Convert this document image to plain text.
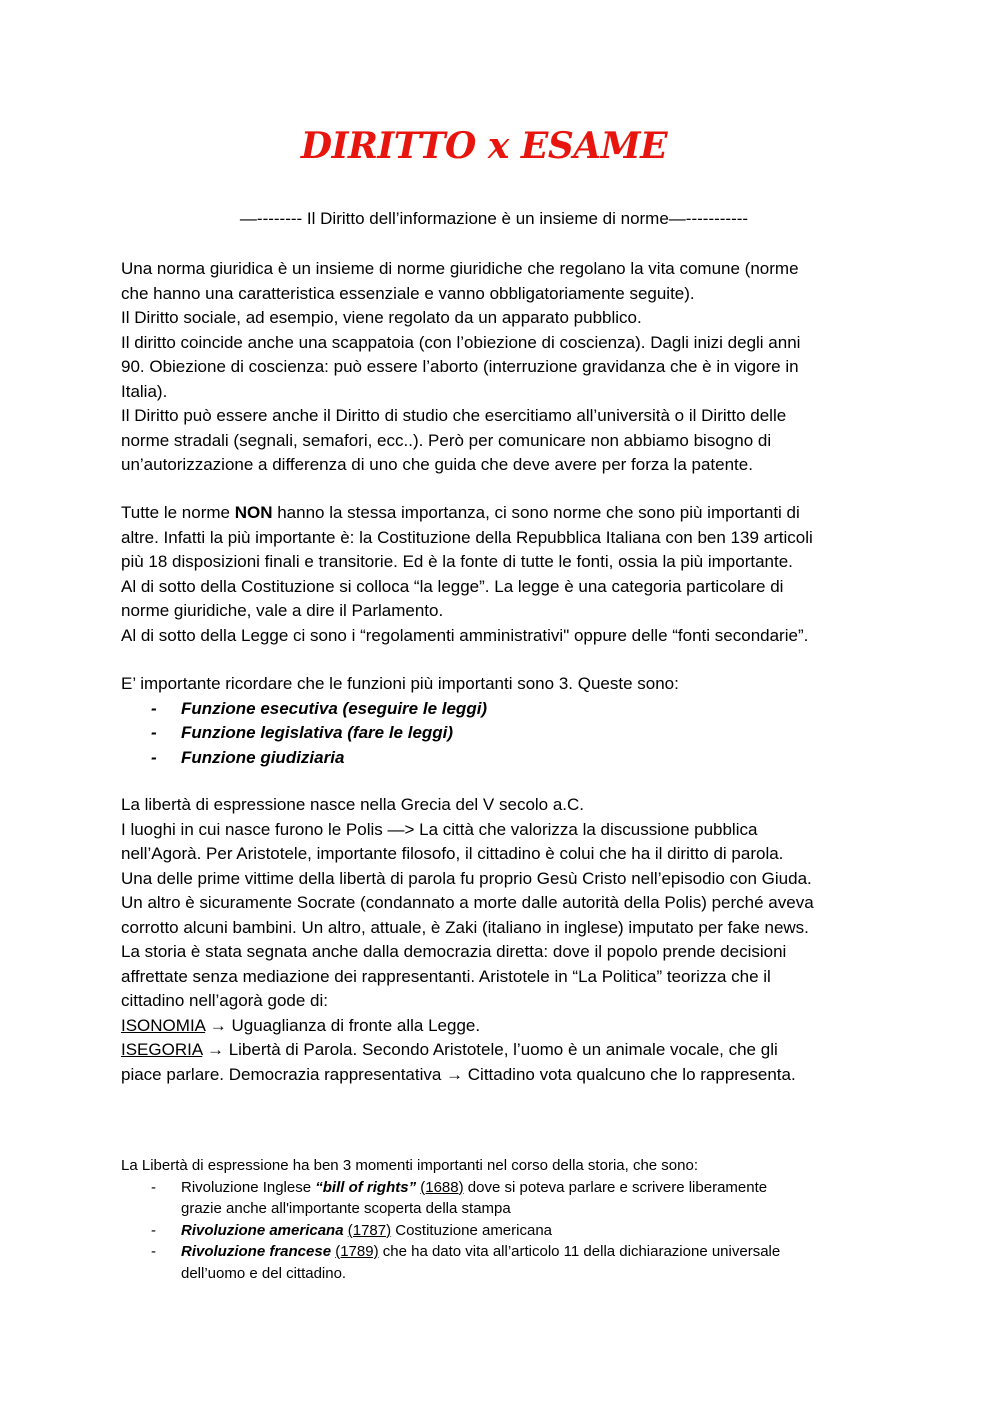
DIRITTO x ESAME

—-------- Il Diritto dell’informazione è un insieme di norme—-----------

Una norma giuridica è un insieme di norme giuridiche che regolano la vita comune (norme

che hanno una caratteristica essenziale e vanno obbligatoriamente seguite).

Il Diritto sociale, ad esempio, viene regolato da un apparato pubblico.

Il diritto coincide anche una scappatoia (con l’obiezione di coscienza). Dagli inizi degli anni

90. Obiezione di coscienza: può essere l’aborto (interruzione gravidanza che è in vigore in

Italia).

Il Diritto può essere anche il Diritto di studio che esercitiamo all’università o il Diritto delle

norme stradali (segnali, semafori, ecc..). Però per comunicare non abbiamo bisogno di

un’autorizzazione a differenza di uno che guida che deve avere per forza la patente.

Tutte le norme NON hanno la stessa importanza, ci sono norme che sono più importanti di

altre. Infatti la più importante è: la Costituzione della Repubblica Italiana con ben 139 articoli

più 18 disposizioni finali e transitorie. Ed è la fonte di tutte le fonti, ossia la più importante.

Al di sotto della Costituzione si colloca “la legge”. La legge è una categoria particolare di

norme giuridiche, vale a dire il Parlamento.

Al di sotto della Legge ci sono i “regolamenti amministrativi" oppure delle “fonti secondarie”.

E’ importante ricordare che le funzioni più importanti sono 3. Queste sono:

- Funzione esecutiva (eseguire le leggi)
- Funzione legislativa (fare le leggi)
- Funzione giudiziaria

La libertà di espressione nasce nella Grecia del V secolo a.C.

I luoghi in cui nasce furono le Polis —> La città che valorizza la discussione pubblica

nell’Agorà. Per Aristotele, importante filosofo, il cittadino è colui che ha il diritto di parola.

Una delle prime vittime della libertà di parola fu proprio Gesù Cristo nell’episodio con Giuda.

Un altro è sicuramente Socrate (condannato a morte dalle autorità della Polis) perché aveva

corrotto alcuni bambini. Un altro, attuale, è Zaki (italiano in inglese) imputato per fake news.

La storia è stata segnata anche dalla democrazia diretta: dove il popolo prende decisioni

affrettate senza mediazione dei rappresentanti. Aristotele in “La Politica” teorizza che il

cittadino nell’agorà gode di:

ISONOMIA → Uguaglianza di fronte alla Legge.

ISEGORIA → Libertà di Parola. Secondo Aristotele, l’uomo è un animale vocale, che gli

piace parlare. Democrazia rappresentativa → Cittadino vota qualcuno che lo rappresenta.

La Libertà di espressione ha ben 3 momenti importanti nel corso della storia, che sono:

- Rivoluzione Inglese “bill of rights” (1688) dove si poteva parlare e scrivere liberamente
grazie anche all'importante scoperta della stampa
- Rivoluzione americana (1787) Costituzione americana
- Rivoluzione francese (1789) che ha dato vita all’articolo 11 della dichiarazione universale
dell’uomo e del cittadino.
